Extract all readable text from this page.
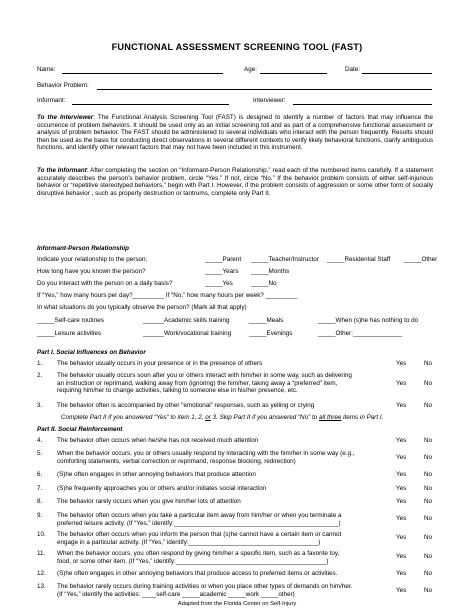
FUNCTIONAL ASSESSMENT SCREENING TOOL (FAST)
Name:	Age:	Date:
Behavior Problem:
Informant:	Interviewer:
To the Interviewer: The Functional Analysis Screening Tool (FAST) is designed to identify a number of factors that may influence the occurrence of problem behaviors. It should be used only as an initial screening toll and as part of a comprehensive functional assessment or analysis of problem behavior. The FAST should be administered to several individuals who interact with the person frequently. Results should then be used as the basis for conducting direct observations in several different contexts to verify likely behavioral functions, clarify ambiguous functions, and identify other relevant factors that may not have been included in this instrument.
To the Informant: After completing the section on “Informant-Person Relationship,” read each of the numbered items carefully. If a statement accurately describes the person’s behavior problem, circle “Yes.” If not, circle “No.” If the behavior problem consists of either self-injurious behavior or “repetitive stereotyped behaviors,” begin with Part I. However, if the problem consists of aggression or some other form of socially disruptive behavior , such as property destruction or tantrums, complete only Part II.
Informant-Person Relationship
Indicate your relationship to the person:	_____Parent _____Teacher/Instructor _____Residential Staff _____Other
How long have you known the person?	_____Years _____Months
Do you interact with the person on a daily basis?	_____Yes	_____No
If “Yes,” how many hours per day?_________ If “No,” how many hours per week? _________
In what situations do you typically observe the person? (Mark all that apply)
_____Self-care routines	______Academic skills training	_____Meals	_____When (s)he has nothing to do
_____Leisure activities	______Work/vocational training	_____Evenings	_____Other:______________
Part I. Social Influences on Behavior
1. The behavior usually occurs in your presence or in the presence of others	Yes	No
2. The behavior usually occurs soon after you or others interact with him/her in some way, such as delivering
an instruction or reprimand, walking away from (ignoring) the him/her, taking away a “preferred” item,
requiring him/her to change activities, talking to someone else in his/her presence, etc.
Yes	No
3. The behavior often is accompanied by other “emotional” responses, such as yelling or crying	Yes	No
Complete Part II if you answered “Yes” to item 1, 2, or 3. Skip Part II if you answered “No” to all three items in Part I.
Part II. Social Reinforcement
4. The behavior often occurs when he/she has not received much attention	Yes	No
5. When the behavior occurs, you or others usually respond by interacting with the him/her in some way (e.g.,
comforting statements, verbal correction or reprimand, response blocking, redirection)
Yes	No
6. (S)he often engages in other annoying behaviors that produce attention	Yes	No
7. (S)he frequently approaches you or others and/or initiates social interaction	Yes	No
8. The behavior rarely occurs when you give him/her lots of attention	Yes	No
9. The behavior often occurs when you take a particular item away from him/her or when you terminate a
preferred leisure activity. (If “Yes,” identify:_______________________________________________)
Yes	No
10. The behavior often occurs when you inform the person that (s)he cannot have a certain item or cannot
engage in a particular activity. (If “Yes,” identify:_____________________________________)
Yes	No
11. When the behavior occurs, you often respond by giving him/her a specific item, such as a favorite toy,
food, or some other item. (If “Yes,” identify:___________________________________________)
Yes	No
12. (S)he often engages in other annoying behaviors that produce access to preferred items or activities.	Yes	No
13. The behavior rarely occurs during training activities or when you place other types of demands on him/her.
(If “Yes,” identify the activities: ____self-care _____academic _____work _____other)
Yes	No
Adapted from the Florida Center on Self-Injury
